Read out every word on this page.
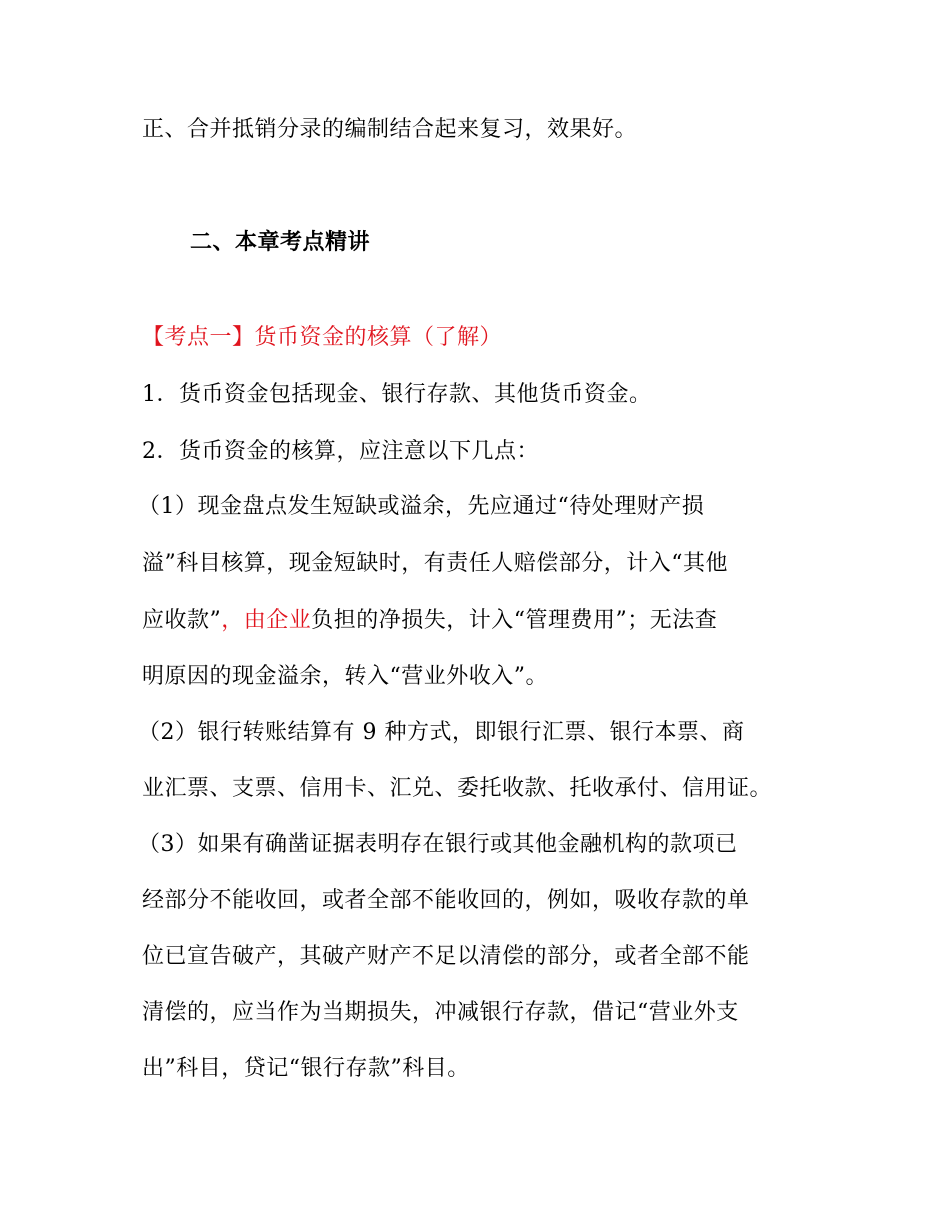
正、合并抵销分录的编制结合起来复习，效果好。
二、本章考点精讲
【考点一】货币资金的核算（了解）
1．货币资金包括现金、银行存款、其他货币资金。
2．货币资金的核算，应注意以下几点：
（1）现金盘点发生短缺或溢余，先应通过“待处理财产损
溢”科目核算，现金短缺时，有责任人赔偿部分，计入“其他
应收款”，由企业负担的净损失，计入“管理费用”；无法查
明原因的现金溢余，转入“营业外收入”。
（2）银行转账结算有 9 种方式，即银行汇票、银行本票、商
业汇票、支票、信用卡、汇兑、委托收款、托收承付、信用证。
（3）如果有确凿证据表明存在银行或其他金融机构的款项已
经部分不能收回，或者全部不能收回的，例如，吸收存款的单
位已宣告破产，其破产财产不足以清偿的部分，或者全部不能
清偿的，应当作为当期损失，冲减银行存款，借记“营业外支
出”科目，贷记“银行存款”科目。
